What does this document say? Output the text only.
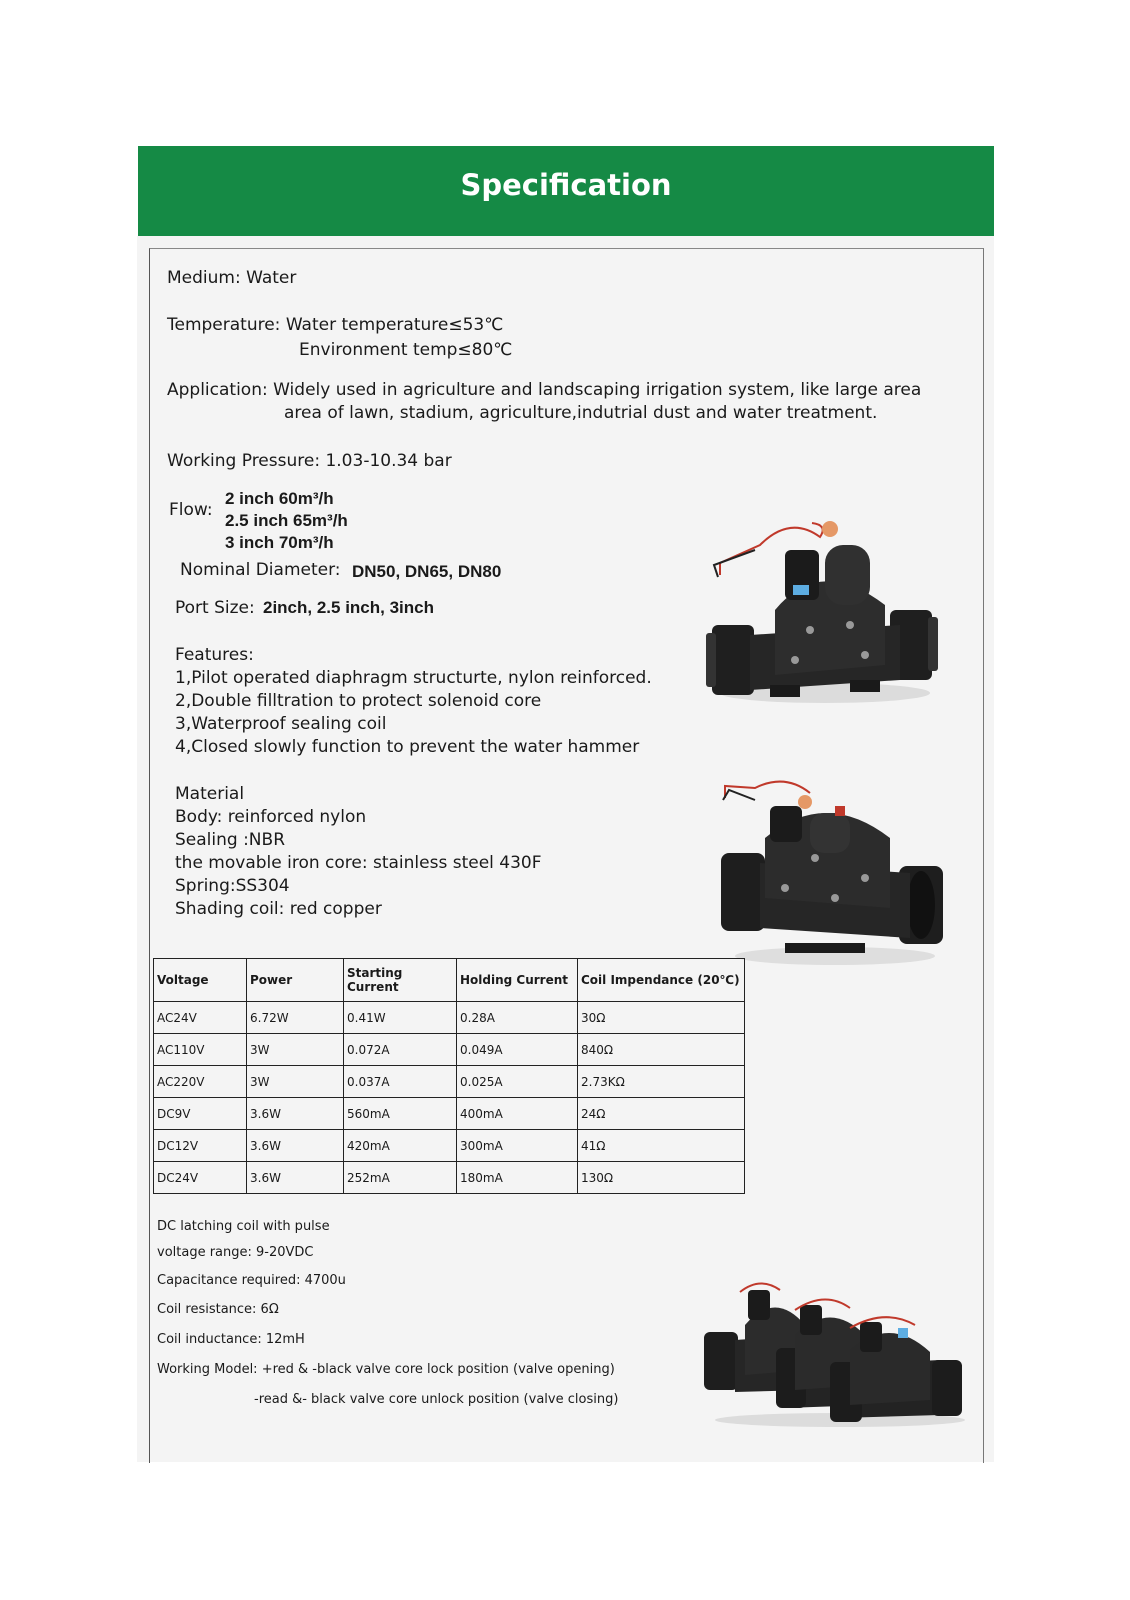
Specification
Medium: Water
Temperature: Water temperature≤53℃
Environment temp≤80℃
Application: Widely used in agriculture and landscaping irrigation system, like large area
area of lawn, stadium, agriculture,indutrial dust and water treatment.
Working Pressure: 1.03-10.34 bar
Flow:
2 inch 60m³/h
2.5 inch 65m³/h
3 inch 70m³/h
Nominal Diameter: DN50, DN65, DN80
Port Size: 2inch, 2.5 inch, 3inch
Features:
1,Pilot operated diaphragm structurte, nylon reinforced.
2,Double filltration to protect solenoid core
3,Waterproof sealing coil
4,Closed slowly function to prevent the water hammer
Material
Body: reinforced nylon
Sealing :NBR
the movable iron core: stainless steel 430F
Spring:SS304
Shading coil: red copper
Voltage	Power	Starting Current	Holding Current	Coil Impendance (20℃)
AC24V	6.72W	0.41W	0.28A	30Ω
AC110V	3W	0.072A	0.049A	840Ω
AC220V	3W	0.037A	0.025A	2.73KΩ
DC9V	3.6W	560mA	400mA	24Ω
DC12V	3.6W	420mA	300mA	41Ω
DC24V	3.6W	252mA	180mA	130Ω
DC latching coil with pulse
voltage range: 9-20VDC
Capacitance required: 4700u
Coil resistance: 6Ω
Coil inductance: 12mH
Working Model: +red & -black valve core lock position (valve opening)
-read &- black valve core unlock position (valve closing)
